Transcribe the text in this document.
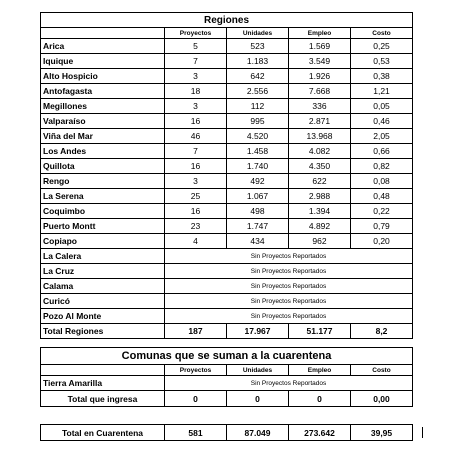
Regiones				
	Proyectos	Unidades	Empleo	Costo
Arica	5	523	1.569	0,25
Iquique	7	1.183	3.549	0,53
Alto Hospicio	3	642	1.926	0,38
Antofagasta	18	2.556	7.668	1,21
Megillones	3	112	336	0,05
Valparaíso	16	995	2.871	0,46
Viña del Mar	46	4.520	13.968	2,05
Los Andes	7	1.458	4.082	0,66
Quillota	16	1.740	4.350	0,82
Rengo	3	492	622	0,08
La Serena	25	1.067	2.988	0,48
Coquimbo	16	498	1.394	0,22
Puerto Montt	23	1.747	4.892	0,79
Copiapo	4	434	962	0,20
La Calera	Sin Proyectos Reportados			
La Cruz	Sin Proyectos Reportados			
Calama	Sin Proyectos Reportados			
Curicó	Sin Proyectos Reportados			
Pozo Al Monte	Sin Proyectos Reportados			
Total Regiones	187	17.967	51.177	8,2
Comunas que se suman a la cuarentena				
	Proyectos	Unidades	Empleo	Costo
Tierra Amarilla	Sin Proyectos Reportados			
Total que ingresa	0	0	0	0,00
Total en Cuarentena	581	87.049	273.642	39,95
